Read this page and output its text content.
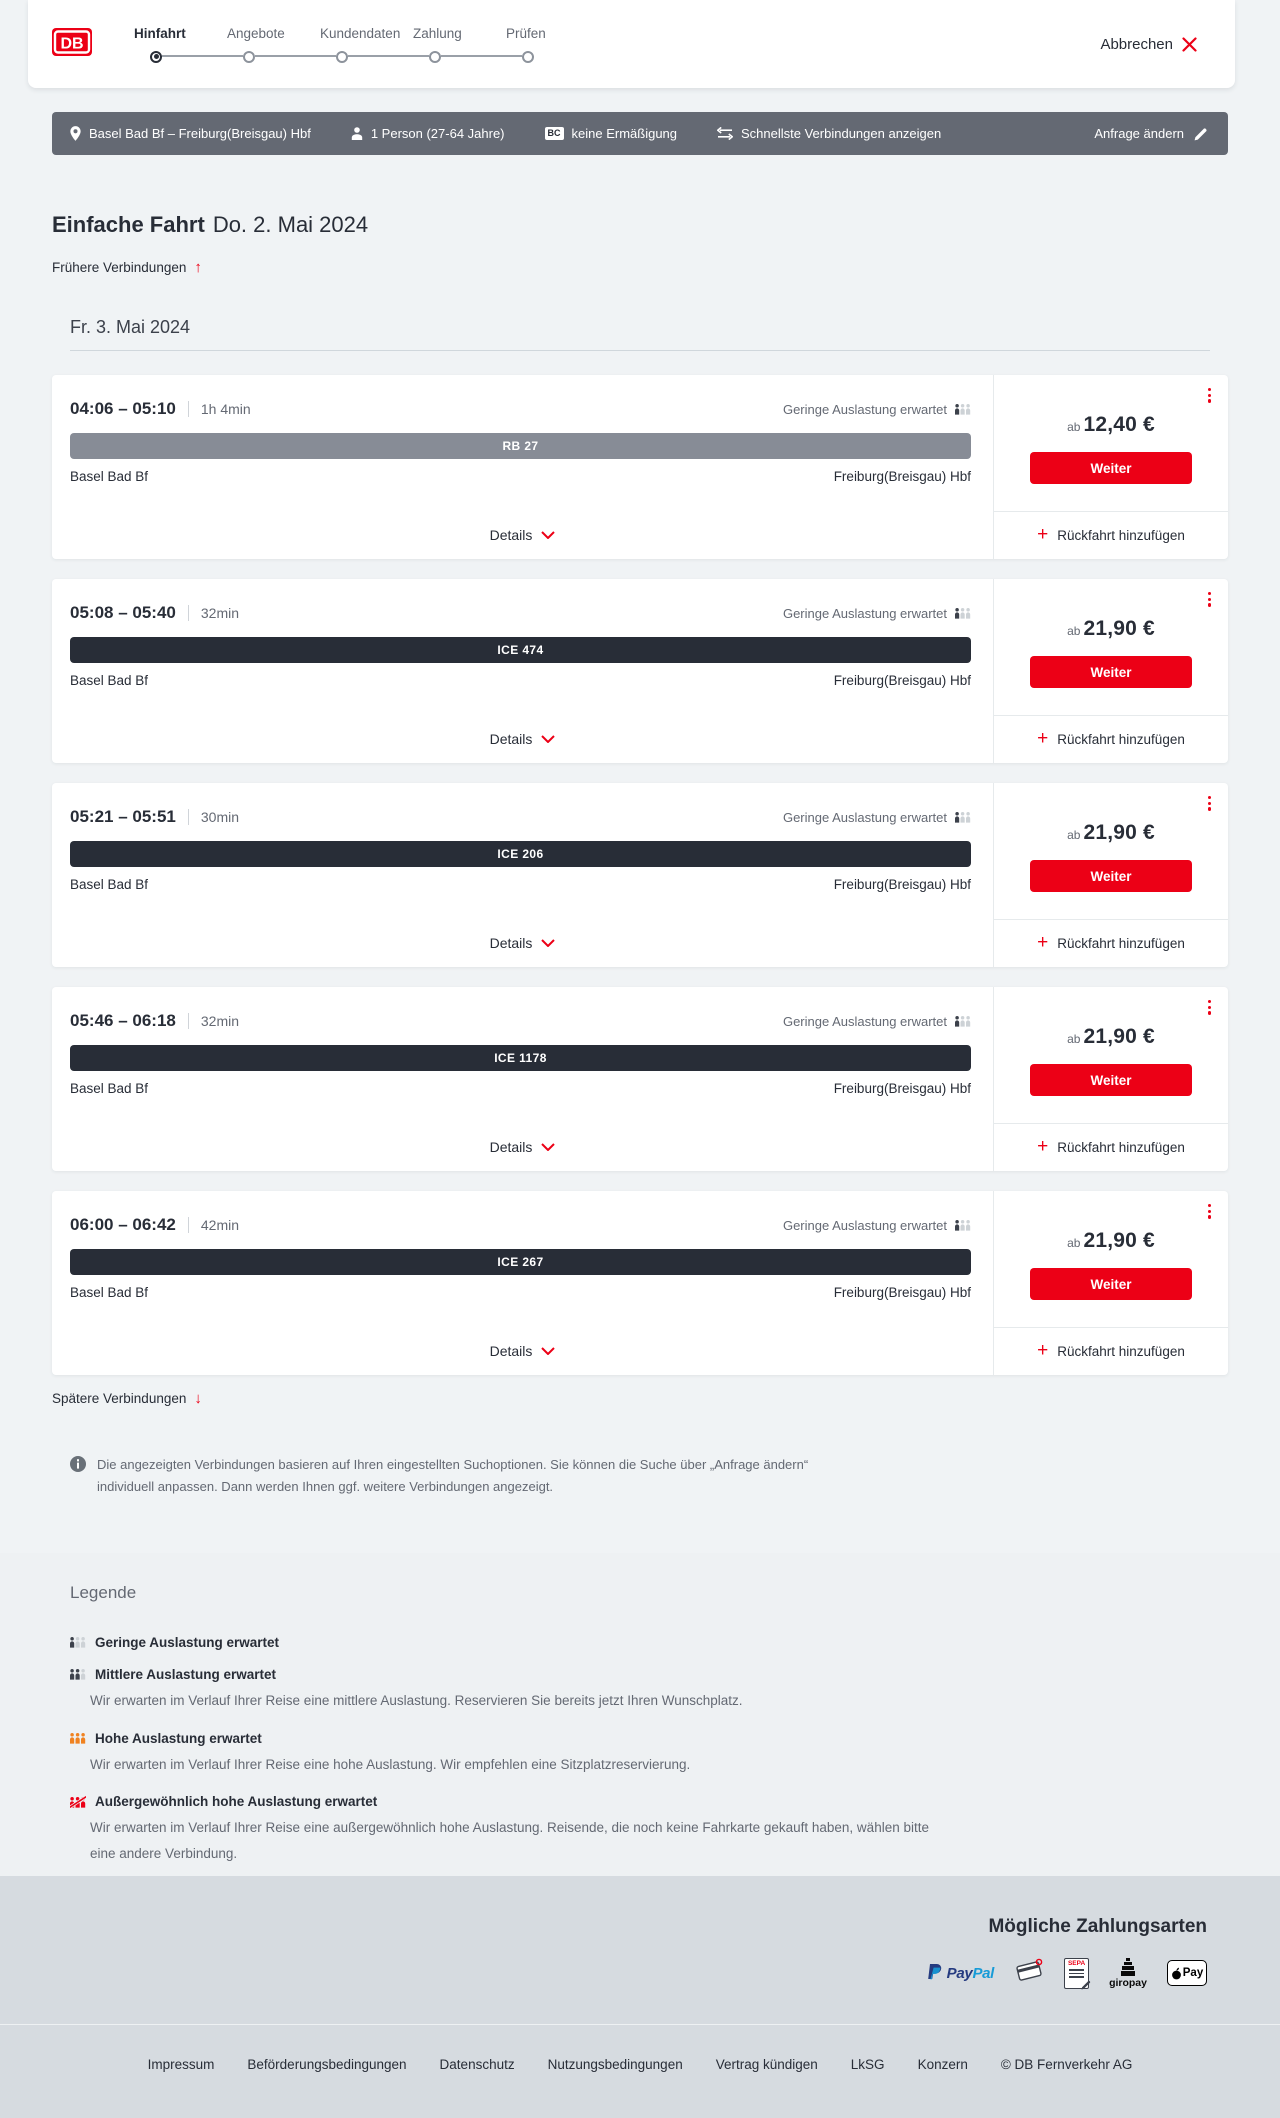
DB
Hinfahrt	Angebote	Kundendaten Zahlung	Prüfen
Abbrechen
Basel Bad Bf – Freiburg(Breisgau) Hbf	1 Person (27-64 Jahre)	BC keine Ermäßigung	Schnellste Verbindungen anzeigen	Anfrage ändern
Einfache Fahrt Do. 2. Mai 2024
Frühere Verbindungen ↑
Fr. 3. Mai 2024
04:06 – 05:10 1h 4min	Geringe Auslastung erwartet
RB 27
Basel Bad Bf	Freiburg(Breisgau) Hbf
Details
ab 12,40 €
Weiter
+ Rückfahrt hinzufügen
05:08 – 05:40 32min	Geringe Auslastung erwartet
ICE 474
Basel Bad Bf	Freiburg(Breisgau) Hbf
Details
ab 21,90 €
Weiter
+ Rückfahrt hinzufügen
05:21 – 05:51 30min	Geringe Auslastung erwartet
ICE 206
Basel Bad Bf	Freiburg(Breisgau) Hbf
Details
ab 21,90 €
Weiter
+ Rückfahrt hinzufügen
05:46 – 06:18 32min	Geringe Auslastung erwartet
ICE 1178
Basel Bad Bf	Freiburg(Breisgau) Hbf
Details
ab 21,90 €
Weiter
+ Rückfahrt hinzufügen
06:00 – 06:42 42min	Geringe Auslastung erwartet
ICE 267
Basel Bad Bf	Freiburg(Breisgau) Hbf
Details
ab 21,90 €
Weiter
+ Rückfahrt hinzufügen
Spätere Verbindungen ↓

Die angezeigten Verbindungen basieren auf Ihren eingestellten Suchoptionen. Sie können die Suche über „Anfrage ändern“ individuell anpassen. Dann werden Ihnen ggf. weitere Verbindungen angezeigt.

Legende
Geringe Auslastung erwartet
Mittlere Auslastung erwartet

Wir erwarten im Verlauf Ihrer Reise eine mittlere Auslastung. Reservieren Sie bereits jetzt Ihren Wunschplatz.

Hohe Auslastung erwartet

Wir erwarten im Verlauf Ihrer Reise eine hohe Auslastung. Wir empfehlen eine Sitzplatzreservierung.

Außergewöhnlich hohe Auslastung erwartet

Wir erwarten im Verlauf Ihrer Reise eine außergewöhnlich hohe Auslastung. Reisende, die noch keine Fahrkarte gekauft haben, wählen bitte eine andere Verbindung.

Mögliche Zahlungsarten
PayPal
SEPA
giropay
Pay
Impressum Beförderungsbedingungen Datenschutz Nutzungsbedingungen Vertrag kündigen LkSG Konzern © DB Fernverkehr AG
